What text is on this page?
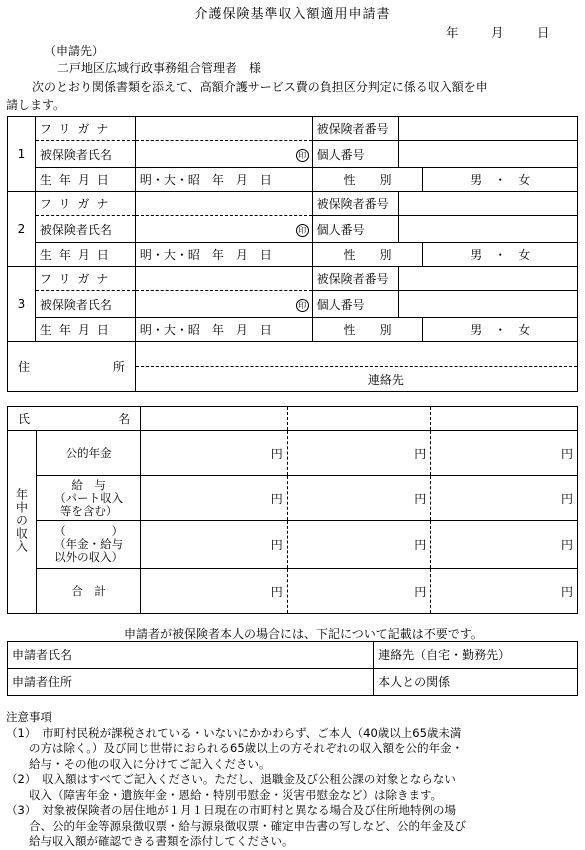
介護保険基準収入額適用申請書
年	月	日
（申請先）
二戸地区広域行政事務組合管理者　様
次のとおり関係書類を添えて、高額介護サービス費の負担区分判定に係る収入額を申
請します。
1	フリガナ		被保険者番号		
	被保険者氏名	印	個人番号		
	生年月日	明・大・昭　年　月　日	性　　別		男　・　女
2	フリガナ		被保険者番号		
	被保険者氏名	印	個人番号		
	生年月日	明・大・昭　年　月　日	性　　別		男　・　女
3	フリガナ		被保険者番号		
	被保険者氏名	印	個人番号		
	生年月日	明・大・昭　年　月　日	性　　別		男　・　女
住 所		連絡先			
氏 名				

年中の収入	公的年金	円	円	円
	給　与
（パート収入
等を含む）	円	円	円
	（　　　　）
（年金・給与
以外の収入）	円	円	円
	合　計	円	円	円
申請者が被保険者本人の場合には、下記について記載は不要です。
申請者氏名	連絡先（自宅・勤務先）
申請者住所	本人との関係
注意事項
（1）　市町村民税が課税されている・いないにかかわらず、ご本人（40歳以上65歳未満
　　の方は除く。）及び同じ世帯におられる65歳以上の方それぞれの収入額を公的年金・
　　給与・その他の収入に分けてご記入ください。
（2）　収入額はすべてご記入ください。ただし、退職金及び公租公課の対象とならない
　　収入（障害年金・遺族年金・恩給・特別弔慰金・災害弔慰金など）は除きます。
（3）　対象被保険者の居住地が１月１日現在の市町村と異なる場合及び住所地特例の場
　　合、公的年金等源泉徴収票・給与源泉徴収票・確定申告書の写しなど、公的年金及び
　　給与収入額が確認できる書類を添付してください。
